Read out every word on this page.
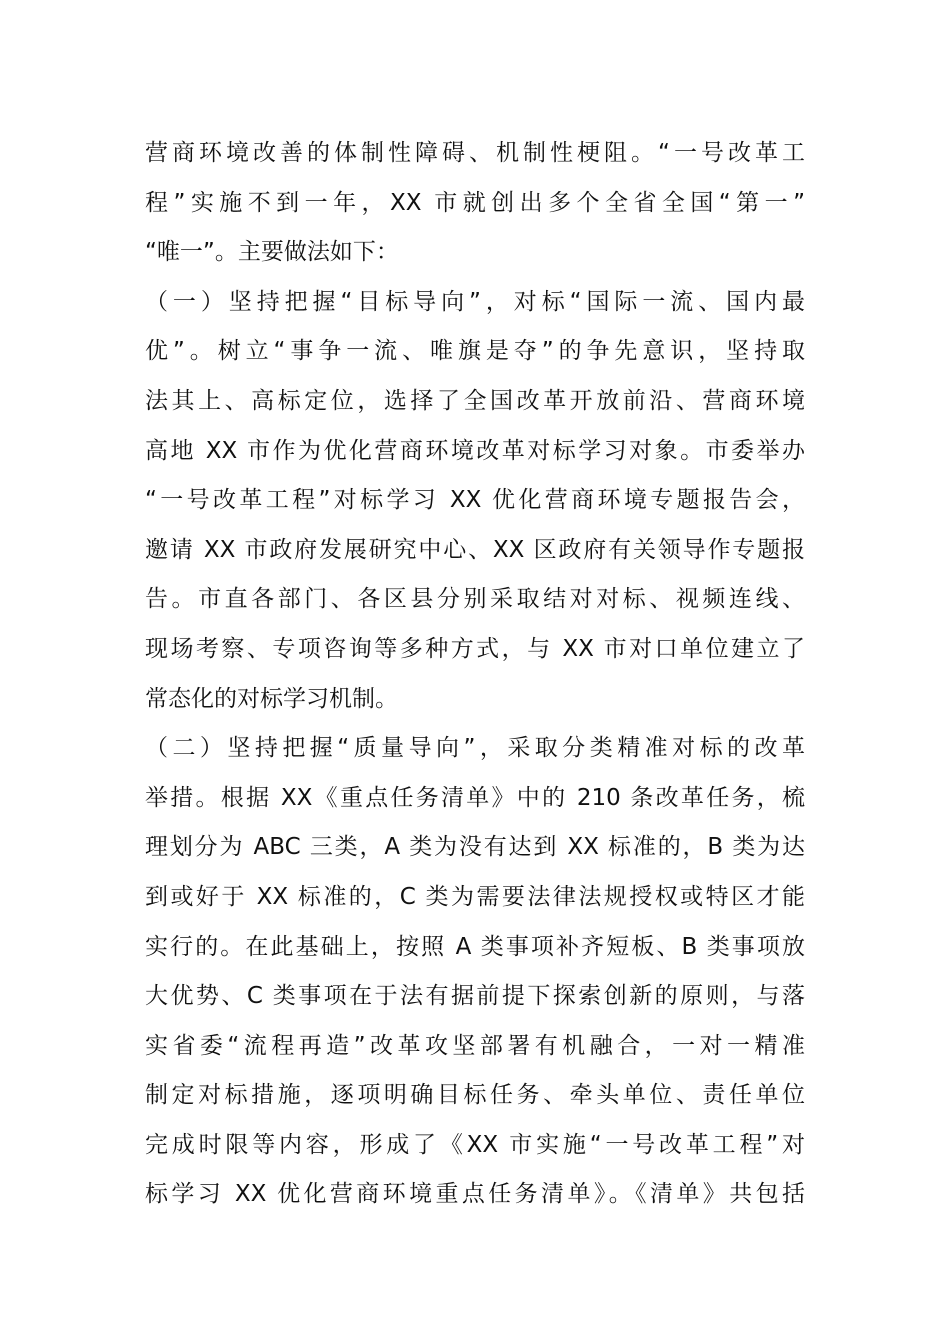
营商环境改善的体制性障碍、机制性梗阻。“一号改革工
程”实施不到一年，XX 市就创出多个全省全国“第一”
“唯一”。主要做法如下：
（一）坚持把握“目标导向”，对标“国际一流、国内最
优”。树立“事争一流、唯旗是夺”的争先意识，坚持取
法其上、高标定位，选择了全国改革开放前沿、营商环境
高地 XX 市作为优化营商环境改革对标学习对象。市委举办
“一号改革工程”对标学习 XX 优化营商环境专题报告会，
邀请 XX 市政府发展研究中心、XX 区政府有关领导作专题报
告。市直各部门、各区县分别采取结对对标、视频连线、
现场考察、专项咨询等多种方式，与 XX 市对口单位建立了
常态化的对标学习机制。
（二）坚持把握“质量导向”，采取分类精准对标的改革
举措。根据 XX《重点任务清单》中的 210 条改革任务，梳
理划分为 ABC 三类，A 类为没有达到 XX 标准的，B 类为达
到或好于 XX 标准的，C 类为需要法律法规授权或特区才能
实行的。在此基础上，按照 A 类事项补齐短板、B 类事项放
大优势、C 类事项在于法有据前提下探索创新的原则，与落
实省委“流程再造”改革攻坚部署有机融合，一对一精准
制定对标措施，逐项明确目标任务、牵头单位、责任单位
完成时限等内容，形成了《XX 市实施“一号改革工程”对
标学习 XX 优化营商环境重点任务清单》。《清单》共包括
